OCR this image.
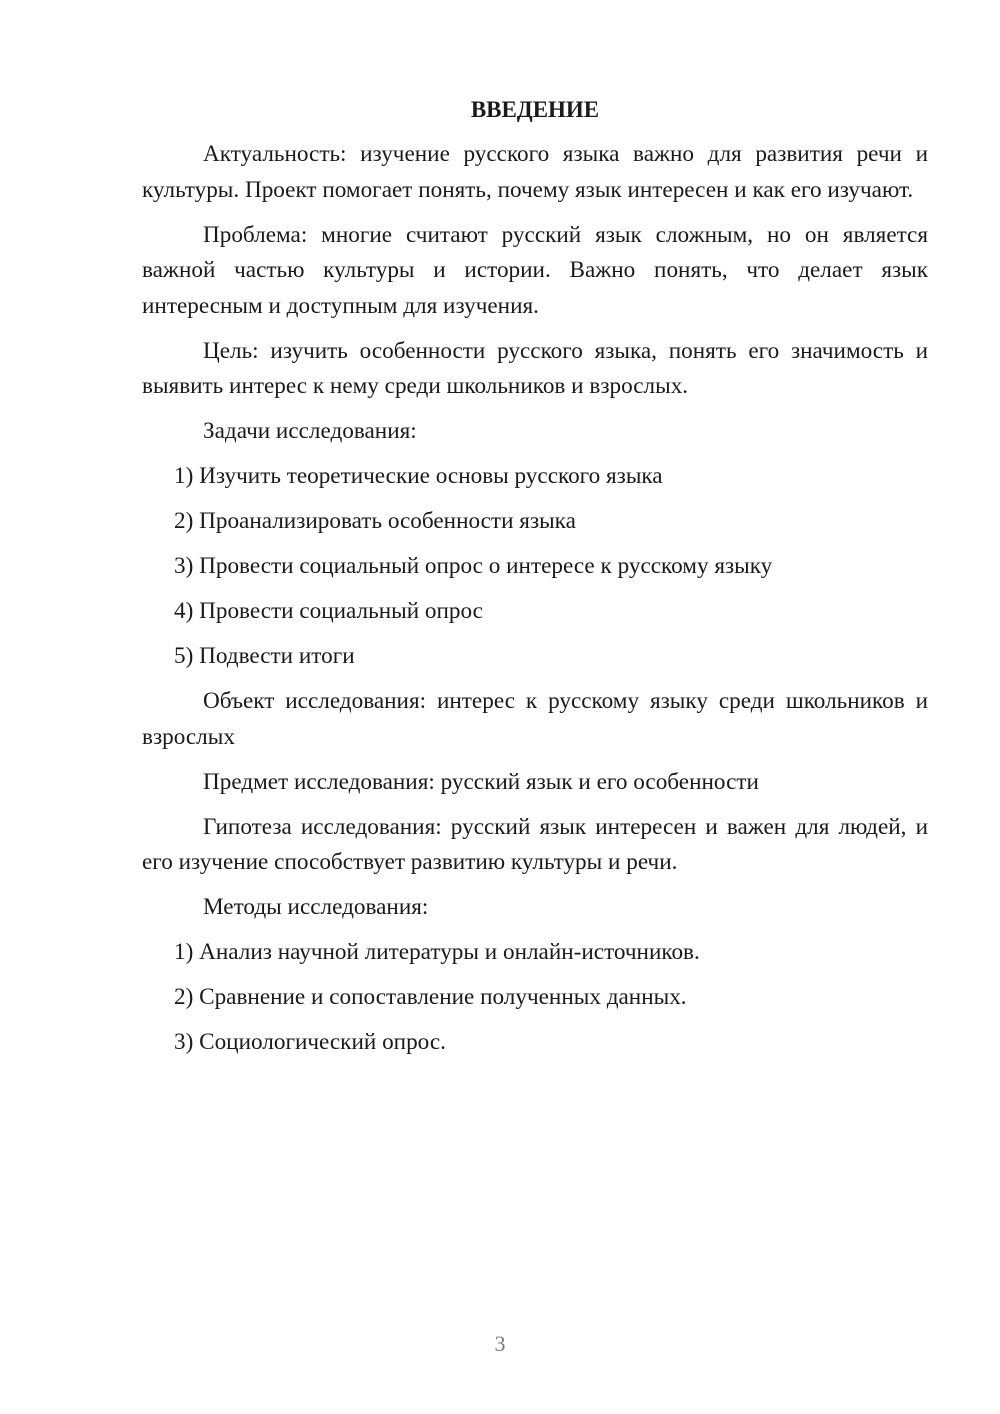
ВВЕДЕНИЕ

Актуальность: изучение русского языка важно для развития речи и культуры. Проект помогает понять, почему язык интересен и как его изучают.

Проблема: многие считают русский язык сложным, но он является важной частью культуры и истории. Важно понять, что делает язык интересным и доступным для изучения.

Цель: изучить особенности русского языка, понять его значимость и выявить интерес к нему среди школьников и взрослых.

Задачи исследования:

1) Изучить теоретические основы русского языка

2) Проанализировать особенности языка

3) Провести социальный опрос о интересе к русскому языку

4) Провести социальный опрос

5) Подвести итоги

Объект исследования: интерес к русскому языку среди школьников и взрослых

Предмет исследования: русский язык и его особенности

Гипотеза исследования: русский язык интересен и важен для людей, и его изучение способствует развитию культуры и речи.

Методы исследования:

1) Анализ научной литературы и онлайн-источников.

2) Сравнение и сопоставление полученных данных.

3) Социологический опрос.

3
